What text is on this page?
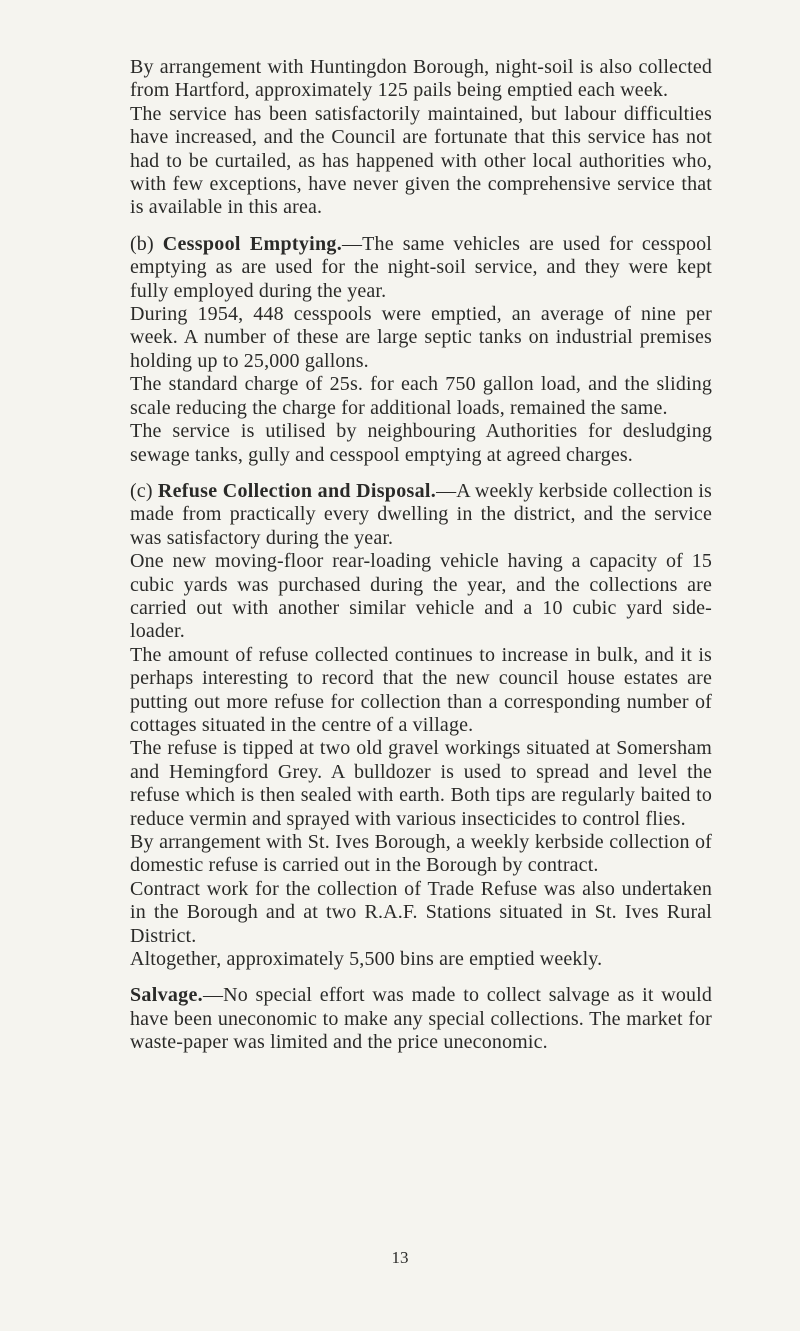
By arrangement with Huntingdon Borough, night-soil is also collected from Hartford, approximately 125 pails being emptied each week.

The service has been satisfactorily maintained, but labour difficulties have increased, and the Council are fortunate that this service has not had to be curtailed, as has happened with other local authorities who, with few exceptions, have never given the comprehensive service that is available in this area.

(b) Cesspool Emptying.—The same vehicles are used for cesspool emptying as are used for the night-soil service, and they were kept fully employed during the year.

During 1954, 448 cesspools were emptied, an average of nine per week. A number of these are large septic tanks on industrial premises holding up to 25,000 gallons.

The standard charge of 25s. for each 750 gallon load, and the sliding scale reducing the charge for additional loads, remained the same.

The service is utilised by neighbouring Authorities for desludging sewage tanks, gully and cesspool emptying at agreed charges.

(c) Refuse Collection and Disposal.—A weekly kerbside collection is made from practically every dwelling in the district, and the service was satisfactory during the year.

One new moving-floor rear-loading vehicle having a capacity of 15 cubic yards was purchased during the year, and the collections are carried out with another similar vehicle and a 10 cubic yard side-loader.

The amount of refuse collected continues to increase in bulk, and it is perhaps interesting to record that the new council house estates are putting out more refuse for collection than a corresponding number of cottages situated in the centre of a village.

The refuse is tipped at two old gravel workings situated at Somersham and Hemingford Grey. A bulldozer is used to spread and level the refuse which is then sealed with earth. Both tips are regularly baited to reduce vermin and sprayed with various insecticides to control flies.

By arrangement with St. Ives Borough, a weekly kerbside collection of domestic refuse is carried out in the Borough by contract.

Contract work for the collection of Trade Refuse was also undertaken in the Borough and at two R.A.F. Stations situated in St. Ives Rural District.

Altogether, approximately 5,500 bins are emptied weekly.

Salvage.—No special effort was made to collect salvage as it would have been uneconomic to make any special collections. The market for waste-paper was limited and the price uneconomic.

13
